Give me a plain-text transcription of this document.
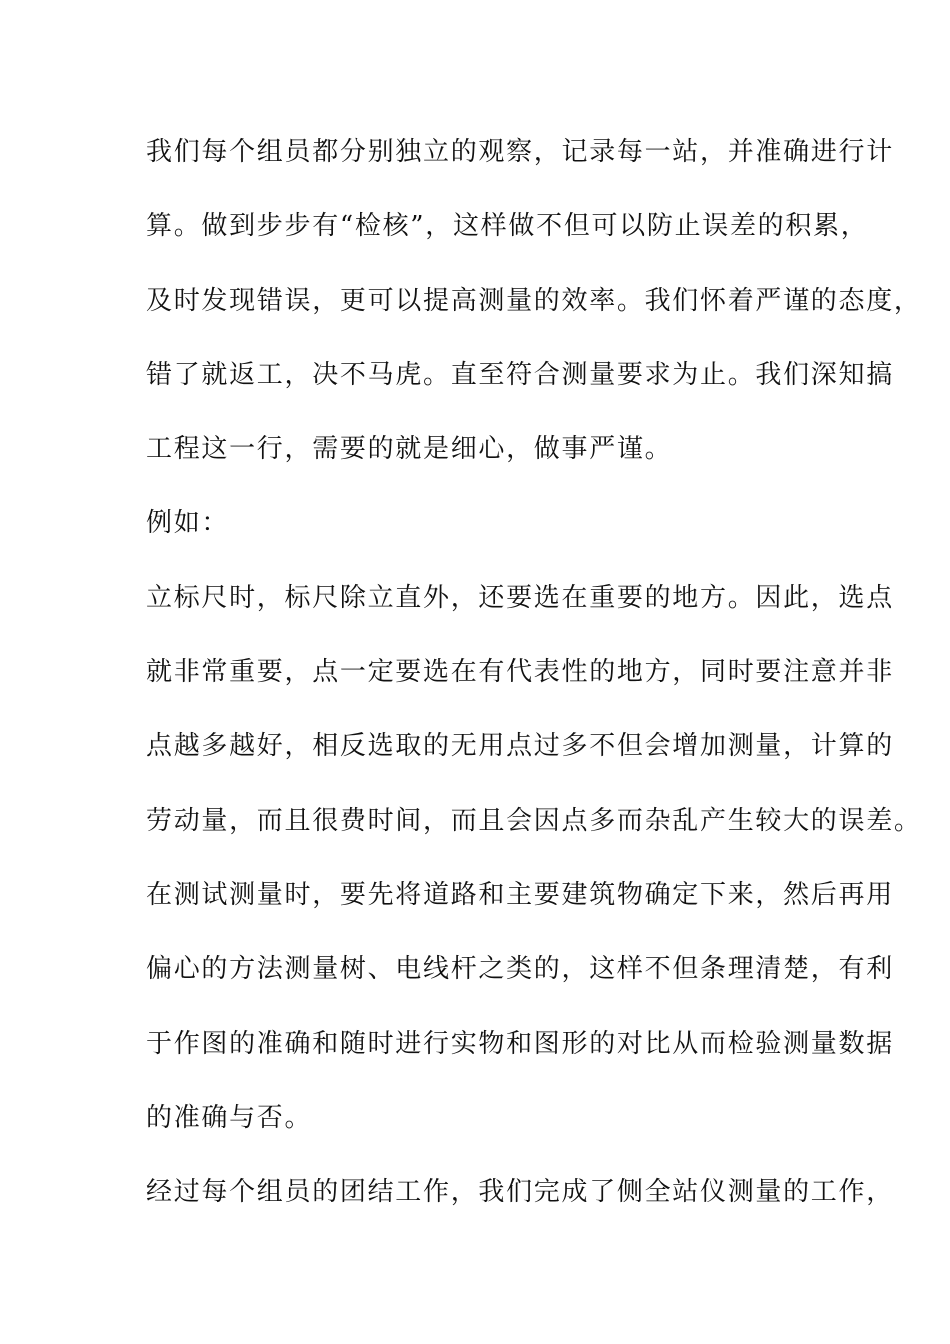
我们每个组员都分别独立的观察，记录每一站，并准确进行计
算。做到步步有“检核”，这样做不但可以防止误差的积累，
及时发现错误，更可以提高测量的效率。我们怀着严谨的态度，
错了就返工，决不马虎。直至符合测量要求为止。我们深知搞
工程这一行，需要的就是细心，做事严谨。
例如：
立标尺时，标尺除立直外，还要选在重要的地方。因此，选点
就非常重要，点一定要选在有代表性的地方，同时要注意并非
点越多越好，相反选取的无用点过多不但会增加测量，计算的
劳动量，而且很费时间，而且会因点多而杂乱产生较大的误差。
在测试测量时，要先将道路和主要建筑物确定下来，然后再用
偏心的方法测量树、电线杆之类的，这样不但条理清楚，有利
于作图的准确和随时进行实物和图形的对比从而检验测量数据
的准确与否。
经过每个组员的团结工作，我们完成了侧全站仪测量的工作，
